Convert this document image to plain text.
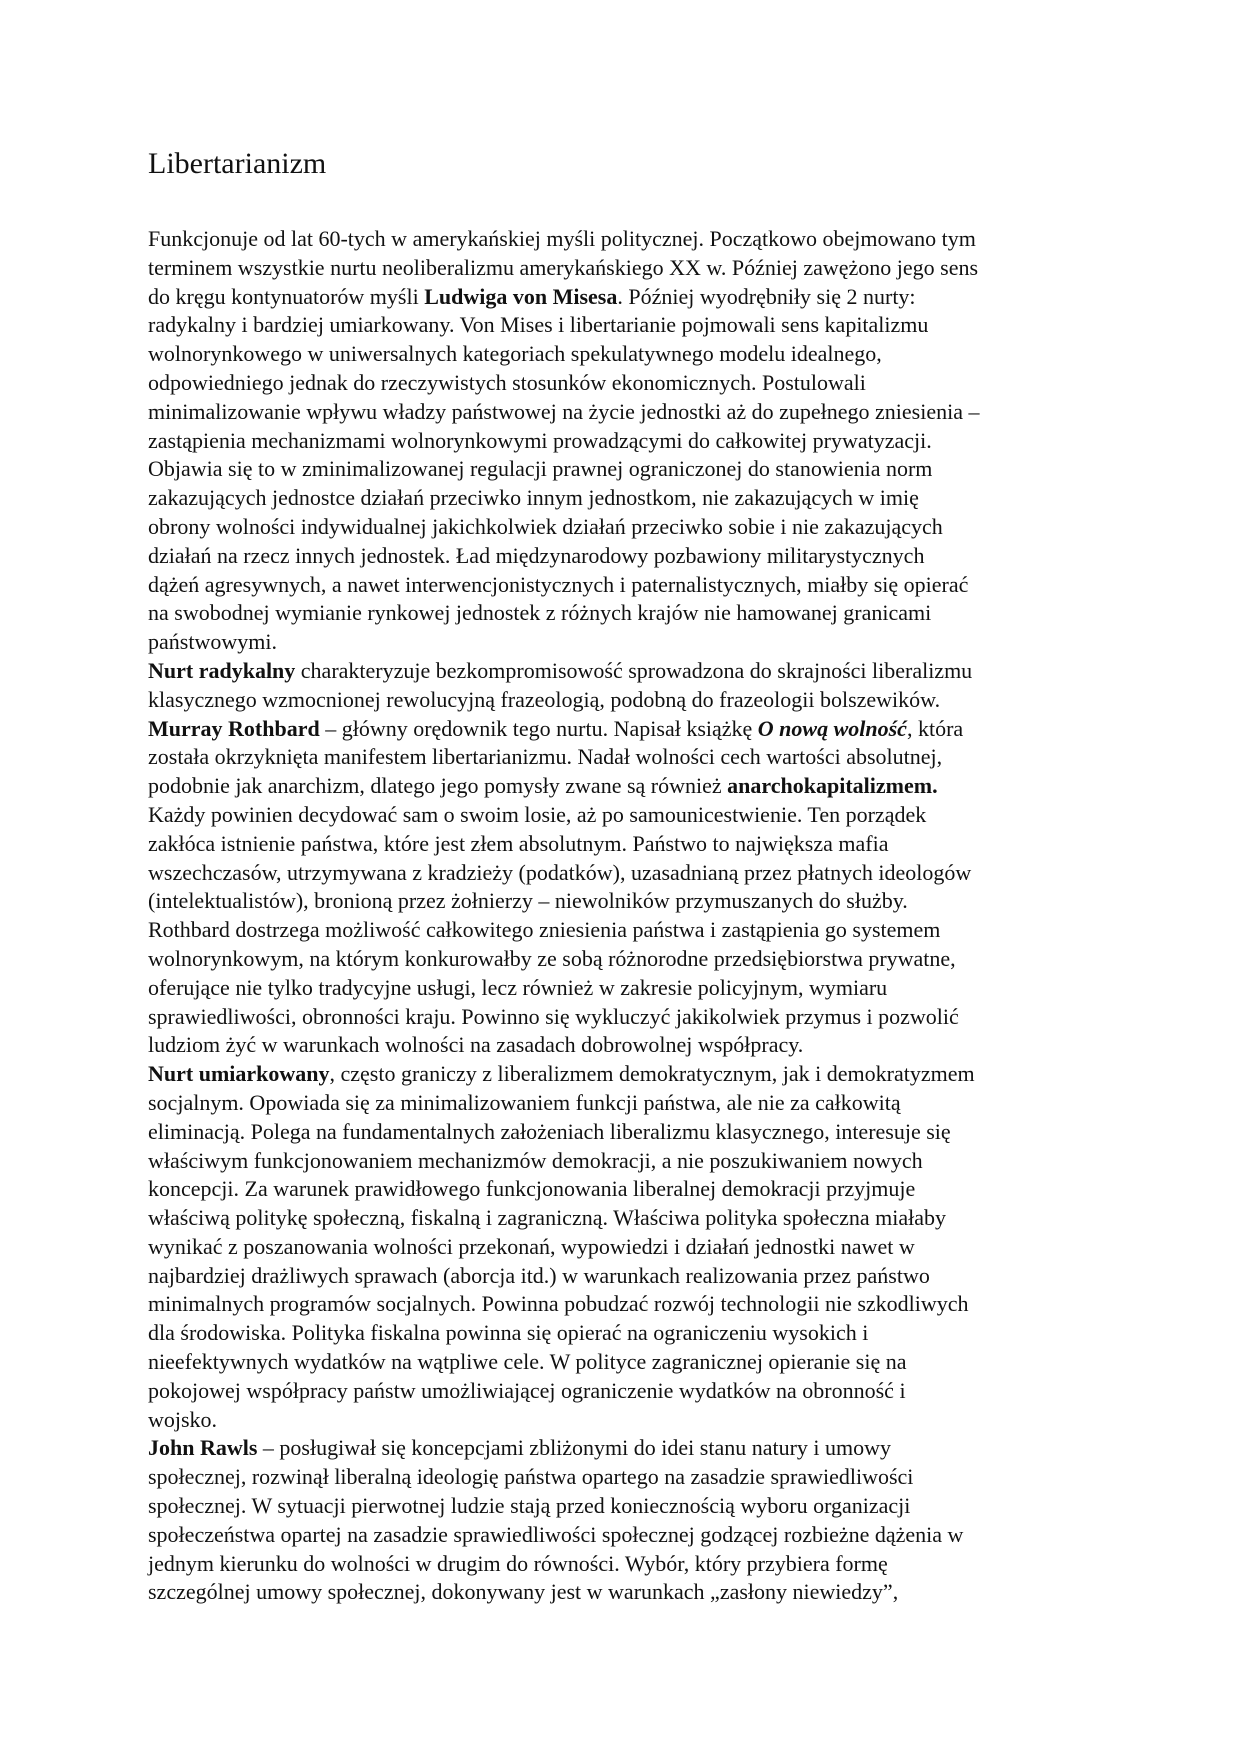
Libertarianizm
Funkcjonuje od lat 60-tych w amerykańskiej myśli politycznej. Początkowo obejmowano tym
terminem wszystkie nurtu neoliberalizmu amerykańskiego XX w. Później zawężono jego sens
do kręgu kontynuatorów myśli Ludwiga von Misesa. Później wyodrębniły się 2 nurty:
radykalny i bardziej umiarkowany. Von Mises i libertarianie pojmowali sens kapitalizmu
wolnorynkowego w uniwersalnych kategoriach spekulatywnego modelu idealnego,
odpowiedniego jednak do rzeczywistych stosunków ekonomicznych. Postulowali
minimalizowanie wpływu władzy państwowej na życie jednostki aż do zupełnego zniesienia –
zastąpienia mechanizmami wolnorynkowymi prowadzącymi do całkowitej prywatyzacji.
Objawia się to w zminimalizowanej regulacji prawnej ograniczonej do stanowienia norm
zakazujących jednostce działań przeciwko innym jednostkom, nie zakazujących w imię
obrony wolności indywidualnej jakichkolwiek działań przeciwko sobie i nie zakazujących
działań na rzecz innych jednostek. Ład międzynarodowy pozbawiony militarystycznych
dążeń agresywnych, a nawet interwencjonistycznych i paternalistycznych, miałby się opierać
na swobodnej wymianie rynkowej jednostek z różnych krajów nie hamowanej granicami
państwowymi.
Nurt radykalny charakteryzuje bezkompromisowość sprowadzona do skrajności liberalizmu
klasycznego wzmocnionej rewolucyjną frazeologią, podobną do frazeologii bolszewików.
Murray Rothbard – główny orędownik tego nurtu. Napisał książkę O nową wolność, która
została okrzyknięta manifestem libertarianizmu. Nadał wolności cech wartości absolutnej,
podobnie jak anarchizm, dlatego jego pomysły zwane są również anarchokapitalizmem.
Każdy powinien decydować sam o swoim losie, aż po samounicestwienie. Ten porządek
zakłóca istnienie państwa, które jest złem absolutnym. Państwo to największa mafia
wszechczasów, utrzymywana z kradzieży (podatków), uzasadnianą przez płatnych ideologów
(intelektualistów), bronioną przez żołnierzy – niewolników przymuszanych do służby.
Rothbard dostrzega możliwość całkowitego zniesienia państwa i zastąpienia go systemem
wolnorynkowym, na którym konkurowałby ze sobą różnorodne przedsiębiorstwa prywatne,
oferujące nie tylko tradycyjne usługi, lecz również w zakresie policyjnym, wymiaru
sprawiedliwości, obronności kraju. Powinno się wykluczyć jakikolwiek przymus i pozwolić
ludziom żyć w warunkach wolności na zasadach dobrowolnej współpracy.
Nurt umiarkowany, często graniczy z liberalizmem demokratycznym, jak i demokratyzmem
socjalnym. Opowiada się za minimalizowaniem funkcji państwa, ale nie za całkowitą
eliminacją. Polega na fundamentalnych założeniach liberalizmu klasycznego, interesuje się
właściwym funkcjonowaniem mechanizmów demokracji, a nie poszukiwaniem nowych
koncepcji. Za warunek prawidłowego funkcjonowania liberalnej demokracji przyjmuje
właściwą politykę społeczną, fiskalną i zagraniczną. Właściwa polityka społeczna miałaby
wynikać z poszanowania wolności przekonań, wypowiedzi i działań jednostki nawet w
najbardziej drażliwych sprawach (aborcja itd.) w warunkach realizowania przez państwo
minimalnych programów socjalnych. Powinna pobudzać rozwój technologii nie szkodliwych
dla środowiska. Polityka fiskalna powinna się opierać na ograniczeniu wysokich i
nieefektywnych wydatków na wątpliwe cele. W polityce zagranicznej opieranie się na
pokojowej współpracy państw umożliwiającej ograniczenie wydatków na obronność i
wojsko.
John Rawls – posługiwał się koncepcjami zbliżonymi do idei stanu natury i umowy
społecznej, rozwinął liberalną ideologię państwa opartego na zasadzie sprawiedliwości
społecznej. W sytuacji pierwotnej ludzie stają przed koniecznością wyboru organizacji
społeczeństwa opartej na zasadzie sprawiedliwości społecznej godzącej rozbieżne dążenia w
jednym kierunku do wolności w drugim do równości. Wybór, który przybiera formę
szczególnej umowy społecznej, dokonywany jest w warunkach „zasłony niewiedzy”,
